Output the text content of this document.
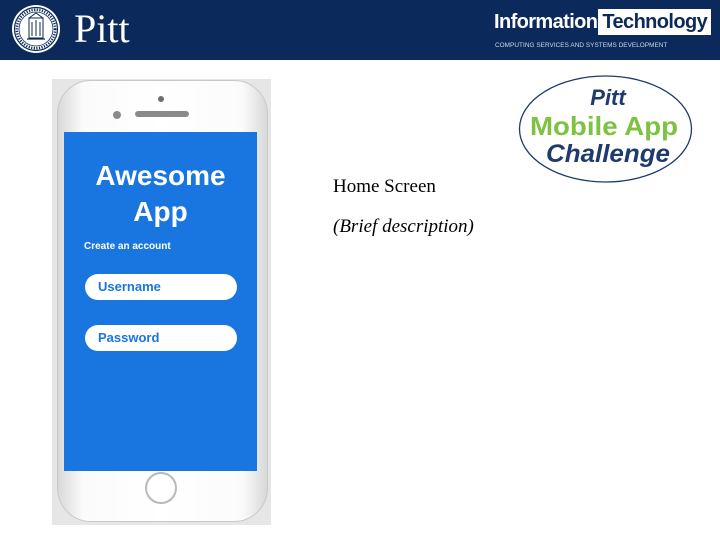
Pitt	Information Technology
COMPUTING SERVICES AND SYSTEMS DEVELOPMENT
Awesome
App
Create an account
Username
Password
Pitt
Mobile App
Challenge
Home Screen
(Brief description)
